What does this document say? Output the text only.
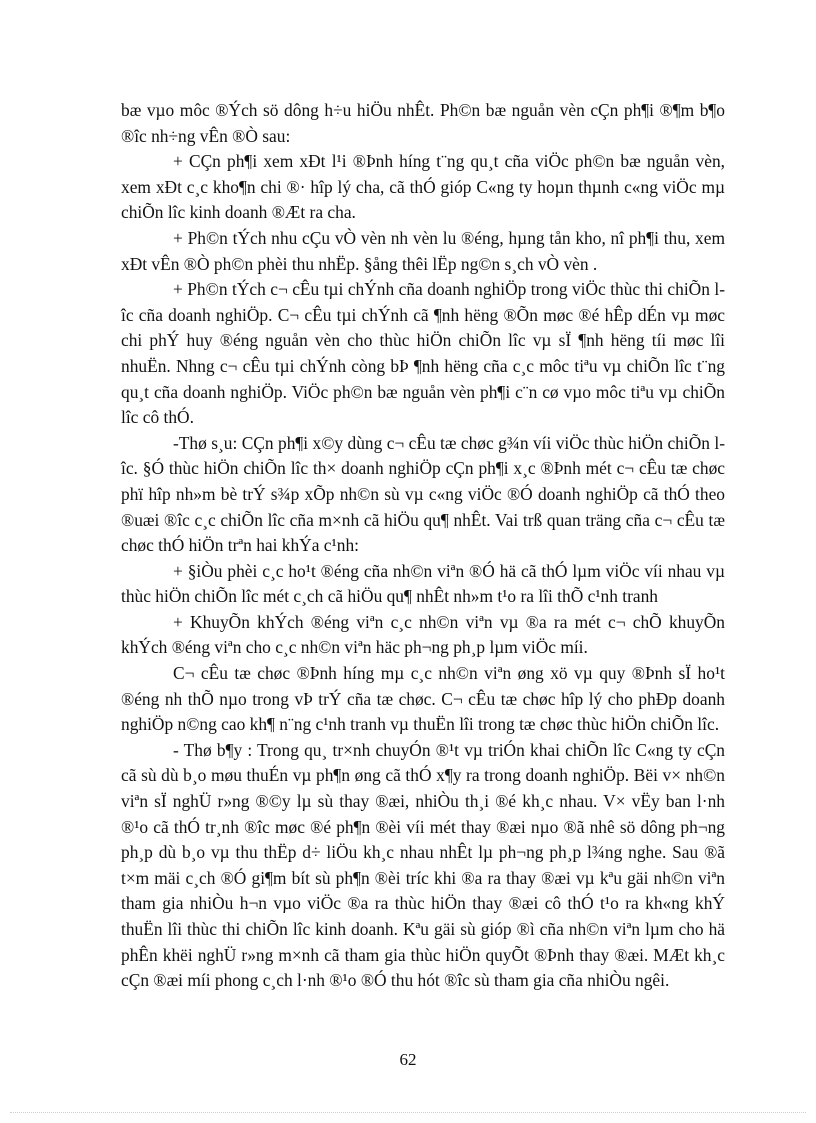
bæ vµo môc ®Ých sö dông h÷u hiÖu nhÊt. Ph©n bæ nguån vèn cÇn ph¶i ®¶m b¶o ®îc nh÷ng vÊn ®Ò sau:

+ CÇn ph¶i xem xÐt l¹i ®Þnh híng t¨ng qu¸t cña viÖc ph©n bæ nguån vèn, xem xÐt c¸c kho¶n chi ®· hîp lý cha, cã thÓ gióp C«ng ty hoµn thµnh c«ng viÖc mµ chiÕn lîc kinh doanh ®Æt ra cha.

+ Ph©n tÝch nhu cÇu vÒ vèn nh vèn lu ®éng, hµng tån kho, nî ph¶i thu, xem xÐt vÊn ®Ò ph©n phèi thu nhËp. §ång thêi lËp ng©n s¸ch vÒ vèn .

+ Ph©n tÝch c¬ cÊu tµi chÝnh cña doanh nghiÖp trong viÖc thùc thi chiÕn lîc cña doanh nghiÖp. C¬ cÊu tµi chÝnh cã ¶nh hëng ®Õn møc ®é hÊp dÉn vµ møc chi phÝ huy ®éng nguån vèn cho thùc hiÖn chiÕn lîc vµ sÏ ¶nh hëng tíi møc lîi nhuËn. Nhng c¬ cÊu tµi chÝnh còng bÞ ¶nh hëng cña c¸c môc tiªu vµ chiÕn lîc t¨ng qu¸t cña doanh nghiÖp. ViÖc ph©n bæ nguån vèn ph¶i c¨n cø vµo môc tiªu vµ chiÕn lîc cô thÓ.

-Thø s¸u: CÇn ph¶i x©y dùng c¬ cÊu tæ chøc g¾n víi viÖc thùc hiÖn chiÕn lîc. §Ó thùc hiÖn chiÕn lîc th× doanh nghiÖp cÇn ph¶i x¸c ®Þnh mét c¬ cÊu tæ chøc phï hîp nh»m bè trÝ s¾p xÕp nh©n sù vµ c«ng viÖc ®Ó doanh nghiÖp cã thÓ theo ®uæi ®îc c¸c chiÕn lîc cña m×nh cã hiÖu qu¶ nhÊt. Vai trß quan träng cña c¬ cÊu tæ chøc thÓ hiÖn trªn hai khÝa c¹nh:

+ §iÒu phèi c¸c ho¹t ®éng cña nh©n viªn ®Ó hä cã thÓ lµm viÖc víi nhau vµ thùc hiÖn chiÕn lîc mét c¸ch cã hiÖu qu¶ nhÊt nh»m t¹o ra lîi thÕ c¹nh tranh

+ KhuyÕn khÝch ®éng viªn c¸c nh©n viªn vµ ®a ra mét c¬ chÕ khuyÕn khÝch ®éng viªn cho c¸c nh©n viªn häc ph¬ng ph¸p lµm viÖc míi.

C¬ cÊu tæ chøc ®Þnh híng mµ c¸c nh©n viªn øng xö vµ quy ®Þnh sÏ ho¹t ®éng nh thÕ nµo trong vÞ trÝ cña tæ chøc. C¬ cÊu tæ chøc hîp lý cho phÐp doanh nghiÖp n©ng cao kh¶ n¨ng c¹nh tranh vµ thuËn lîi trong tæ chøc thùc hiÖn chiÕn lîc.

- Thø b¶y : Trong qu¸ tr×nh chuyÓn ®¹t vµ triÓn khai chiÕn lîc C«ng ty cÇn cã sù dù b¸o møu thuÉn vµ ph¶n øng cã thÓ x¶y ra trong doanh nghiÖp. Bëi v× nh©n viªn sÏ nghÜ r»ng ®©y lµ sù thay ®æi, nhiÒu th¸i ®é kh¸c nhau. V× vËy ban l·nh ®¹o cã thÓ tr¸nh ®îc møc ®é ph¶n ®èi víi mét thay ®æi nµo ®ã nhê sö dông ph¬ng ph¸p dù b¸o vµ thu thËp d÷ liÖu kh¸c nhau nhÊt lµ ph¬ng ph¸p l¾ng nghe. Sau ®ã t×m mäi c¸ch ®Ó gi¶m bít sù ph¶n ®èi tríc khi ®a ra thay ®æi vµ kªu gäi nh©n viªn tham gia nhiÒu h¬n vµo viÖc ®a ra thùc hiÖn thay ®æi cô thÓ t¹o ra kh«ng khÝ thuËn lîi thùc thi chiÕn lîc kinh doanh. Kªu gäi sù gióp ®ì cña nh©n viªn lµm cho hä phÊn khëi nghÜ r»ng m×nh cã tham gia thùc hiÖn quyÕt ®Þnh thay ®æi. MÆt kh¸c cÇn ®æi míi phong c¸ch l·nh ®¹o ®Ó thu hót ®îc sù tham gia cña nhiÒu ngêi.

62
